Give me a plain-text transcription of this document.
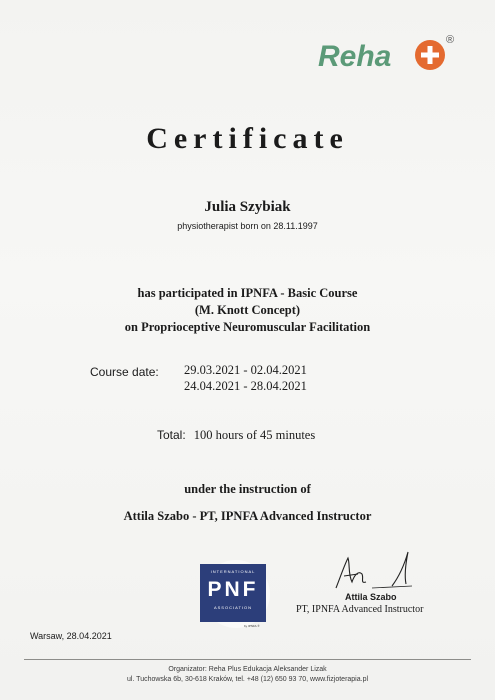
Reha	®
Certificate
Julia Szybiak
physiotherapist born on 28.11.1997
has participated in IPNFA - Basic Course
(M. Knott Concept)
on Proprioceptive Neuromuscular Facilitation
Course date: 29.03.2021 - 02.04.2021
24.04.2021 - 28.04.2021
Total: 100 hours of 45 minutes
under the instruction of
Attila Szabo - PT, IPNFA Advanced Instructor
INTERNATIONAL
PNF
ASSOCIATION
by IPNFA ®
Attila Szabo
PT, IPNFA Advanced Instructor
Warsaw, 28.04.2021
Organizator: Reha Plus Edukacja Aleksander Lizak
ul. Tuchowska 6b, 30-618 Kraków, tel. +48 (12) 650 93 70, www.fizjoterapia.pl
